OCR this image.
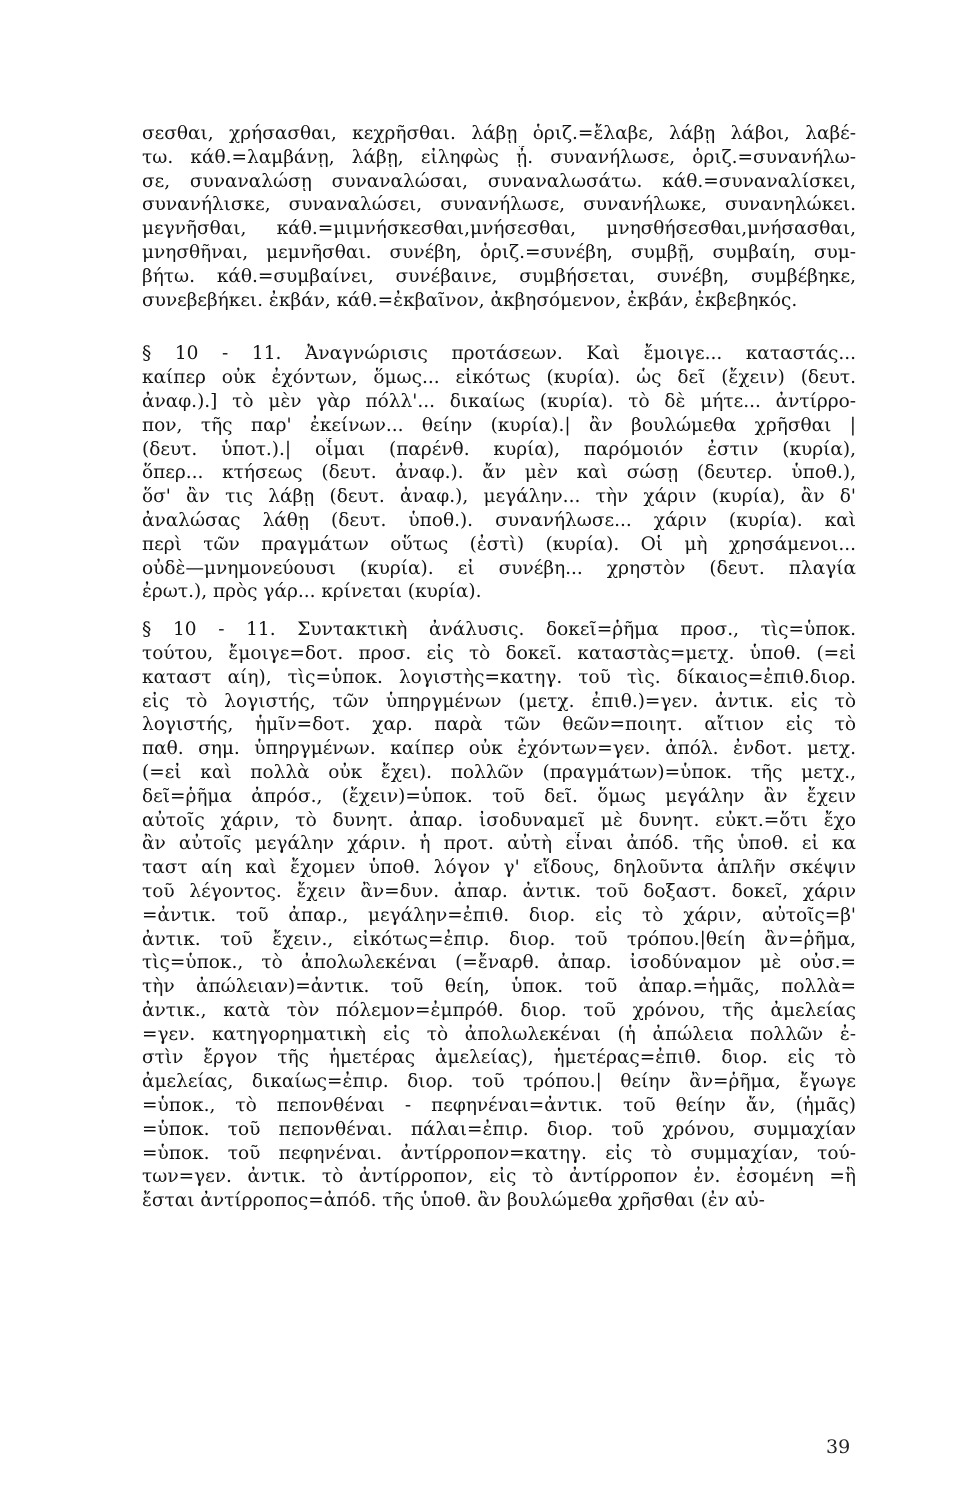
σεσθαι, χρήσασθαι, κεχρῆσθαι. λάβῃ ὁριζ.=ἔλαβε, λάβῃ λάβοι, λαβέ-
τω. κάθ.=λαμβάνῃ, λάβῃ, εἰληφὼς ᾖ. συνανήλωσε, ὁριζ.=συνανήλω-
σε, συναναλώσῃ συναναλώσαι, συναναλωσάτω. κάθ.=συναναλίσκει,
συνανήλισκε, συναναλώσει, συνανήλωσε, συνανήλωκε, συνανηλώκει.
μεγνῆσθαι, κάθ.=μιμνήσκεσθαι,μνήσεσθαι, μνησθήσεσθαι,μνήσασθαι,
μνησθῆναι, μεμνῆσθαι. συνέβη, ὁριζ.=συνέβη, συμβῇ, συμβαίη, συμ-
βήτω. κάθ.=συμβαίνει, συνέβαινε, συμβήσεται, συνέβη, συμβέβηκε,
συνεβεβήκει. ἐκβάν, κάθ.=ἐκβαῖνον, ἀκβησόμενον, ἐκβάν, ἐκβεβηκός.

§ 10 - 11. Ἀναγνώρισις προτάσεων. Καὶ ἔμοιγε... καταστάς...
καίπερ οὐκ ἐχόντων, ὅμως... εἰκότως (κυρία). ὡς δεῖ (ἔχειν) (δευτ.
ἀναφ.).] τὸ μὲν γὰρ πόλλ'... δικαίως (κυρία). τὸ δὲ μήτε... ἀντίρρο-
πον, τῆς παρ' ἐκείνων... θείην (κυρία).| ἂν βουλώμεθα χρῆσθαι |
(δευτ. ὑποτ.).| οἶμαι (παρένθ. κυρία), παρόμοιόν ἐστιν (κυρία),
ὅπερ... κτήσεως (δευτ. ἀναφ.). ἄν μὲν καὶ σώσῃ (δευτερ. ὑποθ.),
ὅσ' ἂν τις λάβῃ (δευτ. ἀναφ.), μεγάλην... τὴν χάριν (κυρία), ἂν δ'
ἀναλώσας λάθῃ (δευτ. ὑποθ.). συνανήλωσε... χάριν (κυρία). καὶ
περὶ τῶν πραγμάτων οὕτως (ἐστὶ) (κυρία). Οἱ μὴ χρησάμενοι...
οὐδὲ—μνημονεύουσι (κυρία). εἰ συνέβη... χρηστὸν (δευτ. πλαγία
ἐρωτ.), πρὸς γάρ... κρίνεται (κυρία).

§ 10 - 11. Συντακτικὴ ἀνάλυσις. δοκεῖ=ῥῆμα προσ., τὶς=ὑποκ.
τούτου, ἔμοιγε=δοτ. προσ. εἰς τὸ δοκεῖ. καταστὰς=μετχ. ὑποθ. (=εἰ
καταστ αίη), τὶς=ὑποκ. λογιστὴς=κατηγ. τοῦ τὶς. δίκαιος=ἐπιθ.διορ.
εἰς τὸ λογιστής, τῶν ὑπηργμένων (μετχ. ἐπιθ.)=γεν. ἀντικ. εἰς τὸ
λογιστής, ἡμῖν=δοτ. χαρ. παρὰ τῶν θεῶν=ποιητ. αἴτιον εἰς τὸ
παθ. σημ. ὑπηργμένων. καίπερ οὐκ ἐχόντων=γεν. ἀπόλ. ἐνδοτ. μετχ.
(=εἰ καὶ πολλὰ οὐκ ἔχει). πολλῶν (πραγμάτων)=ὑποκ. τῆς μετχ.,
δεῖ=ῥῆμα ἀπρόσ., (ἔχειν)=ὑποκ. τοῦ δεῖ. ὅμως μεγάλην ἂν ἔχειν
αὐτοῖς χάριν, τὸ δυνητ. ἀπαρ. ἰσοδυναμεῖ μὲ δυνητ. εὐκτ.=ὅτι ἔχο
ἂν αὐτοῖς μεγάλην χάριν. ἡ προτ. αὐτὴ εἶναι ἀπόδ. τῆς ὑποθ. εἰ κα
ταστ αίη καὶ ἔχομεν ὑποθ. λόγον γ' εἴδους, δηλοῦντα ἁπλῆν σκέψιν
τοῦ λέγοντος. ἔχειν ἂν=δυν. ἀπαρ. ἀντικ. τοῦ δοξαστ. δοκεῖ, χάριν
=ἀντικ. τοῦ ἀπαρ., μεγάλην=ἐπιθ. διορ. εἰς τὸ χάριν, αὐτοῖς=β'
ἀντικ. τοῦ ἔχειν., εἰκότως=ἐπιρ. διορ. τοῦ τρόπου.|θείη ἂν=ῥῆμα,
τὶς=ὑποκ., τὸ ἀπολωλεκέναι (=ἔναρθ. ἀπαρ. ἰσοδύναμον μὲ οὐσ.=
τὴν ἀπώλειαν)=ἀντικ. τοῦ θείη, ὑποκ. τοῦ ἀπαρ.=ἡμᾶς, πολλὰ=
ἀντικ., κατὰ τὸν πόλεμον=ἐμπρόθ. διορ. τοῦ χρόνου, τῆς ἀμελείας
=γεν. κατηγορηματικὴ εἰς τὸ ἀπολωλεκέναι (ἡ ἀπώλεια πολλῶν ἐ-
στὶν ἔργον τῆς ἡμετέρας ἀμελείας), ἡμετέρας=ἐπιθ. διορ. εἰς τὸ
ἀμελείας, δικαίως=ἐπιρ. διορ. τοῦ τρόπου.| θείην ἂν=ῥῆμα, ἔγωγε
=ὑποκ., τὸ πεπονθέναι - πεφηνέναι=ἀντικ. τοῦ θείην ἄν, (ἡμᾶς)
=ὑποκ. τοῦ πεπονθέναι. πάλαι=ἐπιρ. διορ. τοῦ χρόνου, συμμαχίαν
=ὑποκ. τοῦ πεφηνέναι. ἀντίρροπον=κατηγ. εἰς τὸ συμμαχίαν, τού-
των=γεν. ἀντικ. τὸ ἀντίρροπον, εἰς τὸ ἀντίρροπον ἐν. ἐσομένη =ἣ
ἔσται ἀντίρροπος=ἀπόδ. τῆς ὑποθ. ἂν βουλώμεθα χρῆσθαι (ἐν αὐ-

39
